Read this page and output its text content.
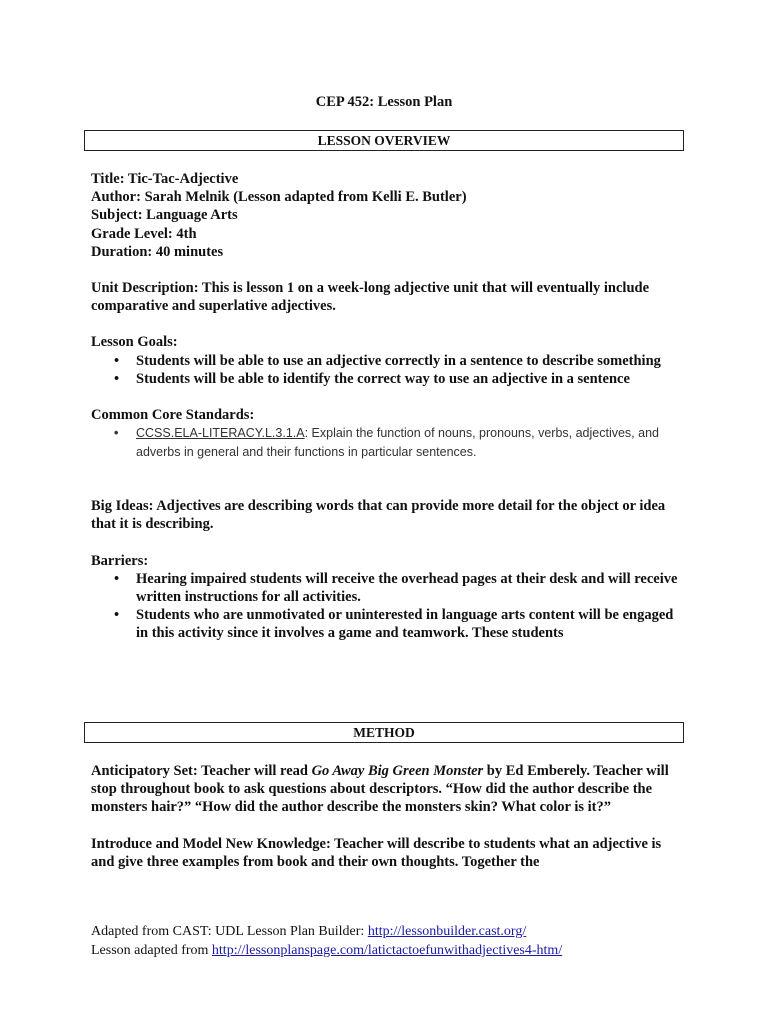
CEP 452: Lesson Plan
LESSON OVERVIEW

Title: Tic-Tac-Adjective

Author: Sarah Melnik (Lesson adapted from Kelli E. Butler)

Subject: Language Arts

Grade Level: 4th

Duration: 40 minutes

Unit Description: This is lesson 1 on a week-long adjective unit that will eventually include comparative and superlative adjectives.

Lesson Goals:

• Students will be able to use an adjective correctly in a sentence to describe something
• Students will be able to identify the correct way to use an adjective in a sentence

Common Core Standards:

• CCSS.ELA-LITERACY.L.3.1.A: Explain the function of nouns, pronouns, verbs, adjectives, and adverbs in general and their functions in particular sentences.

Big Ideas: Adjectives are describing words that can provide more detail for the object or idea that it is describing.

Barriers:

• Hearing impaired students will receive the overhead pages at their desk and will receive written instructions for all activities.
• Students who are unmotivated or uninterested in language arts content will be engaged in this activity since it involves a game and teamwork. These students
METHOD

Anticipatory Set: Teacher will read Go Away Big Green Monster by Ed Emberely. Teacher will stop throughout book to ask questions about descriptors. “How did the author describe the monsters hair?” “How did the author describe the monsters skin? What color is it?”

Introduce and Model New Knowledge: Teacher will describe to students what an adjective is and give three examples from book and their own thoughts. Together the

Adapted from CAST: UDL Lesson Plan Builder: http://lessonbuilder.cast.org/
Lesson adapted from http://lessonplanspage.com/latictactoefunwithadjectives4-htm/
